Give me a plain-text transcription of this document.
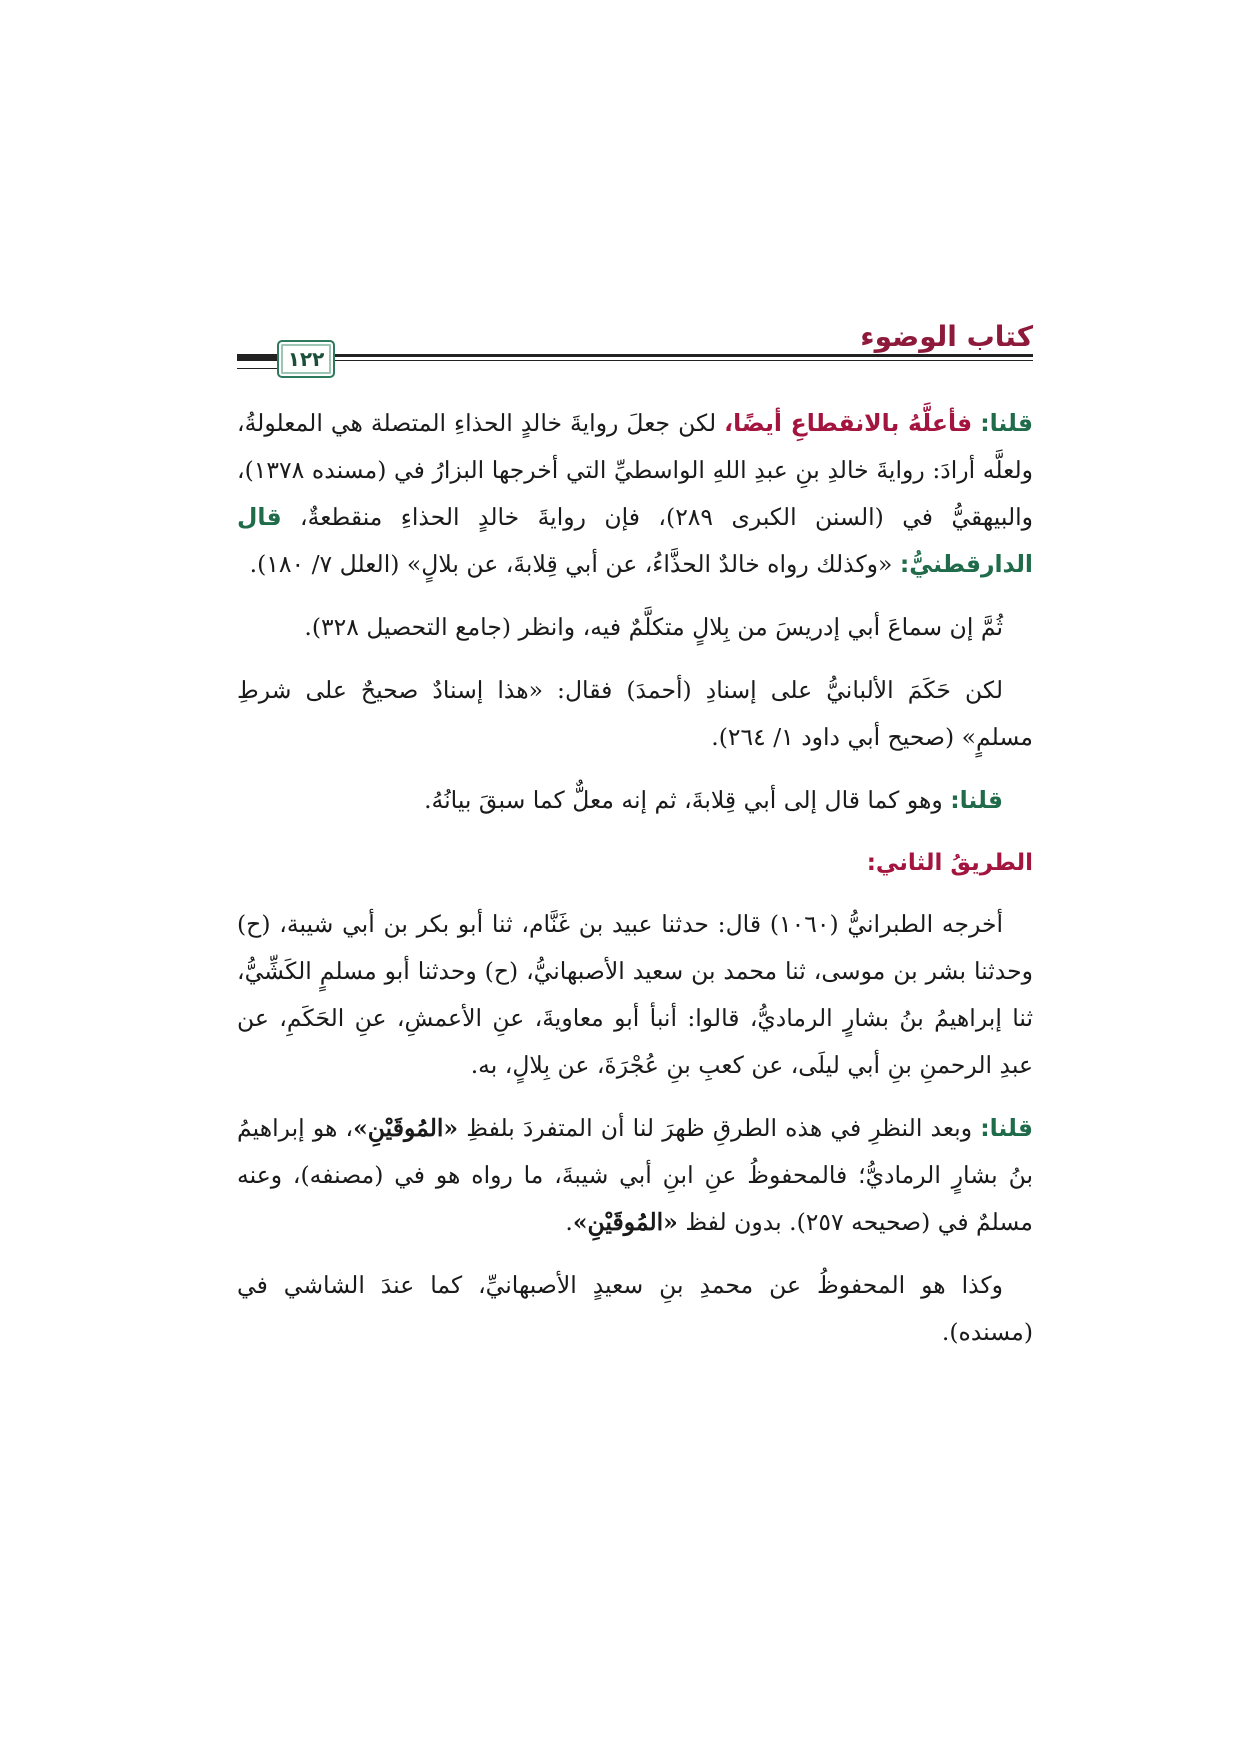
كتاب الوضوء
١٢٢

قلنا: فأعلَّهُ بالانقطاعِ أيضًا، لكن جعلَ روايةَ خالدٍ الحذاءِ المتصلة هي المعلولةُ، ولعلَّه أرادَ: روايةَ خالدِ بنِ عبدِ اللهِ الواسطيِّ التي أخرجها البزارُ في (مسنده ١٣٧٨)، والبيهقيُّ في (السنن الكبرى ٢٨٩)، فإن روايةَ خالدٍ الحذاءِ منقطعةٌ، قال الدارقطنيُّ: «وكذلك رواه خالدٌ الحذَّاءُ، عن أبي قِلابةَ، عن بلالٍ» (العلل ٧/ ١٨٠).

ثُمَّ إن سماعَ أبي إدريسَ من بِلالٍ متكلَّمٌ فيه، وانظر (جامع التحصيل ٣٢٨).

لكن حَكَمَ الألبانيُّ على إسنادِ (أحمدَ) فقال: «هذا إسنادٌ صحيحٌ على شرطِ مسلمٍ» (صحيح أبي داود ١/ ٢٦٤).

قلنا: وهو كما قال إلى أبي قِلابةَ، ثم إنه معلٌّ كما سبقَ بيانُهُ.

الطريقُ الثاني:

أخرجه الطبرانيُّ (١٠٦٠) قال: حدثنا عبيد بن غَنَّام، ثنا أبو بكر بن أبي شيبة، (ح) وحدثنا بشر بن موسى، ثنا محمد بن سعيد الأصبهانيُّ، (ح) وحدثنا أبو مسلمٍ الكَشِّيُّ، ثنا إبراهيمُ بنُ بشارٍ الرماديُّ، قالوا: أنبأ أبو معاويةَ، عنِ الأعمشِ، عنِ الحَكَمِ، عن عبدِ الرحمنِ بنِ أبي ليلَى، عن كعبِ بنِ عُجْرَةَ، عن بِلالٍ، به.

قلنا: وبعد النظرِ في هذه الطرقِ ظهرَ لنا أن المتفردَ بلفظِ «المُوقَيْنِ»، هو إبراهيمُ بنُ بشارٍ الرماديُّ؛ فالمحفوظُ عنِ ابنِ أبي شيبةَ، ما رواه هو في (مصنفه)، وعنه مسلمٌ في (صحيحه ٢٥٧). بدون لفظ «المُوقَيْنِ».

وكذا هو المحفوظُ عن محمدِ بنِ سعيدٍ الأصبهانيِّ، كما عندَ الشاشي في (مسنده).
